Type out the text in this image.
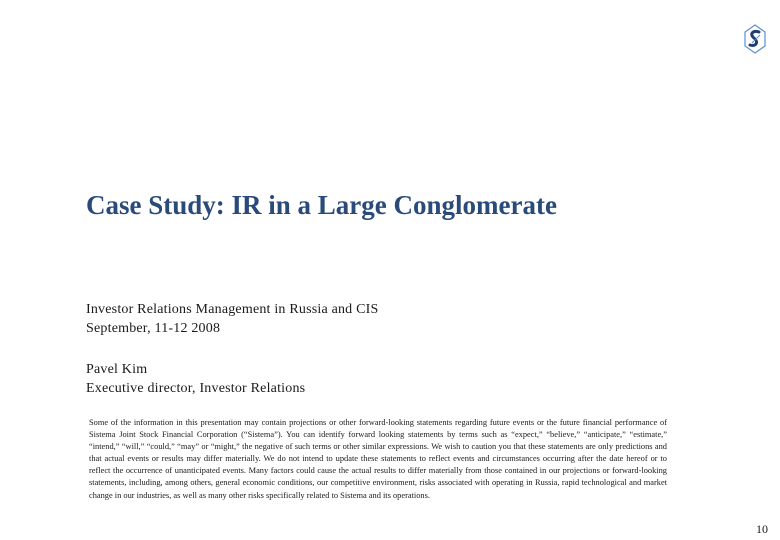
Case Study: IR in a Large Conglomerate
Investor Relations Management in Russia and CIS
September, 11-12 2008
Pavel Kim
Executive director, Investor Relations

Some of the information in this presentation may contain projections or other forward-looking statements regarding future events or the future financial performance of Sistema Joint Stock Financial Corporation (“Sistema”). You can identify forward looking statements by terms such as “expect,” “believe,” “anticipate,” “estimate,” “intend,” “will,” “could,” “may” or “might,” the negative of such terms or other similar expressions. We wish to caution you that these statements are only predictions and that actual events or results may differ materially. We do not intend to update these statements to reflect events and circumstances occurring after the date hereof or to reflect the occurrence of unanticipated events. Many factors could cause the actual results to differ materially from those contained in our projections or forward-looking statements, including, among others, general economic conditions, our competitive environment, risks associated with operating in Russia, rapid technological and market change in our industries, as well as many other risks specifically related to Sistema and its operations.

10
